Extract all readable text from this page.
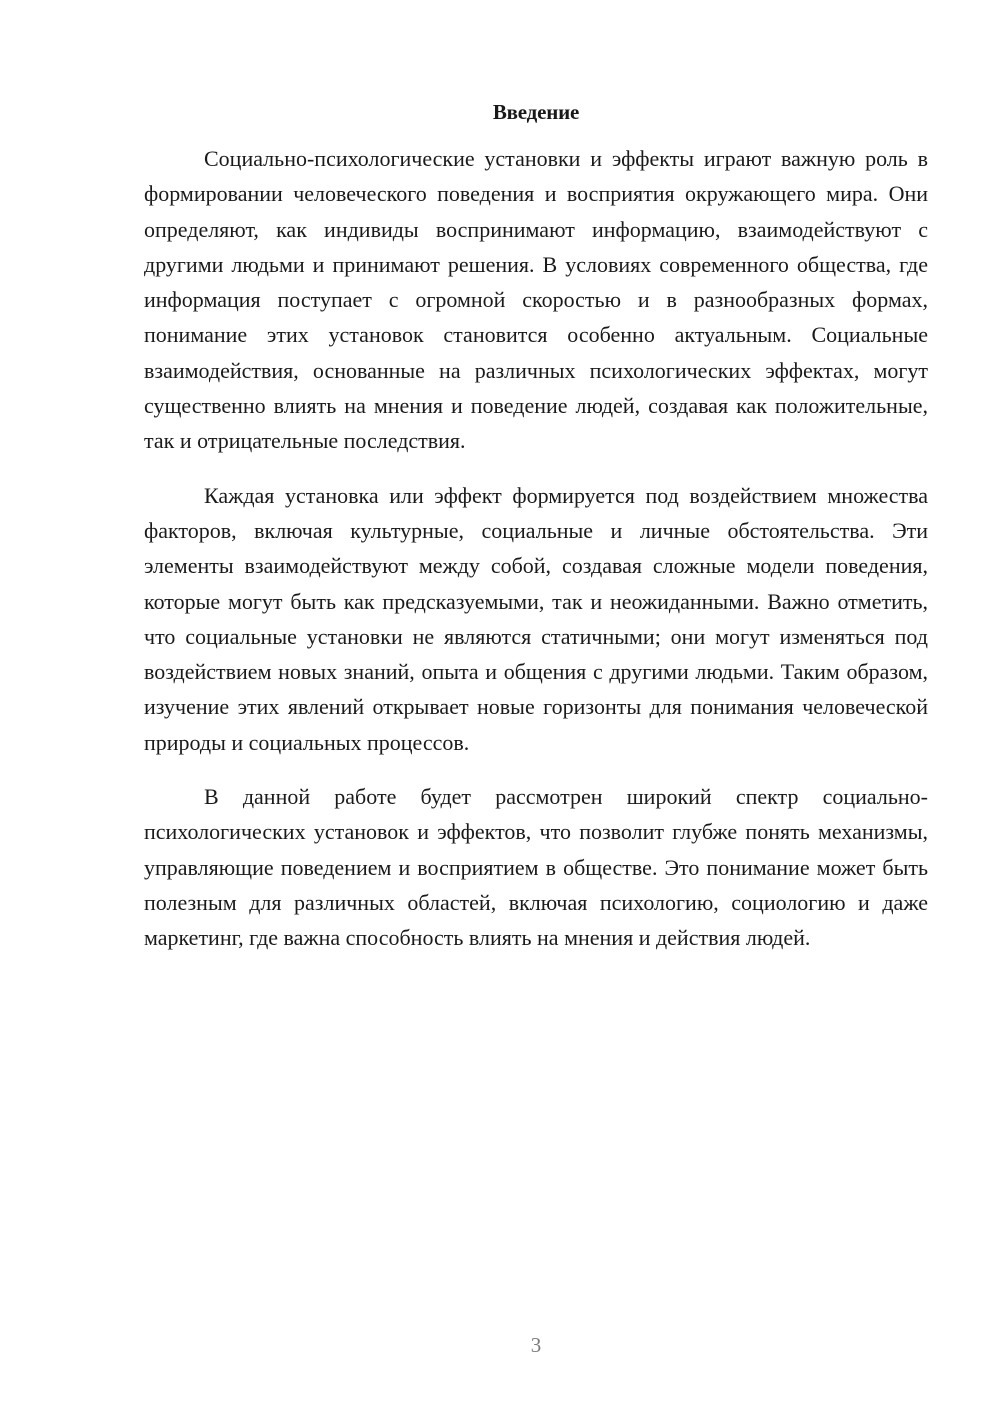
Введение

Социально-психологические установки и эффекты играют важную роль в формировании человеческого поведения и восприятия окружающего мира. Они определяют, как индивиды воспринимают информацию, взаимодействуют с другими людьми и принимают решения. В условиях современного общества, где информация поступает с огромной скоростью и в разнообразных формах, понимание этих установок становится особенно актуальным. Социальные взаимодействия, основанные на различных психологических эффектах, могут существенно влиять на мнения и поведение людей, создавая как положительные, так и отрицательные последствия.

Каждая установка или эффект формируется под воздействием множества факторов, включая культурные, социальные и личные обстоятельства. Эти элементы взаимодействуют между собой, создавая сложные модели поведения, которые могут быть как предсказуемыми, так и неожиданными. Важно отметить, что социальные установки не являются статичными; они могут изменяться под воздействием новых знаний, опыта и общения с другими людьми. Таким образом, изучение этих явлений открывает новые горизонты для понимания человеческой природы и социальных процессов.

В данной работе будет рассмотрен широкий спектр социально-психологических установок и эффектов, что позволит глубже понять механизмы, управляющие поведением и восприятием в обществе. Это понимание может быть полезным для различных областей, включая психологию, социологию и даже маркетинг, где важна способность влиять на мнения и действия людей.

3
